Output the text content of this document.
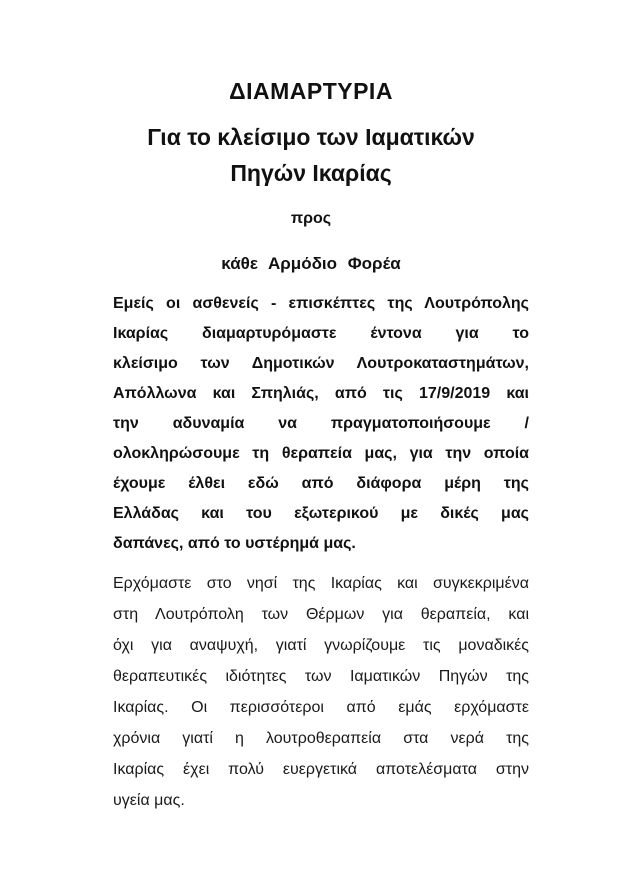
ΔΙΑΜΑΡΤΥΡΙΑ
Για το κλείσιμο των Ιαματικών
Πηγών Ικαρίας
προς
κάθε Αρμόδιο Φορέα
Εμείς οι ασθενείς - επισκέπτες της Λουτρόπολης
Ικαρίας διαμαρτυρόμαστε έντονα για το
κλείσιμο των Δημοτικών Λουτροκαταστημάτων,
Απόλλωνα και Σπηλιάς, από τις 17/9/2019 και
την αδυναμία να πραγματοποιήσουμε /
ολοκληρώσουμε τη θεραπεία μας, για την οποία
έχουμε έλθει εδώ από διάφορα μέρη της
Ελλάδας και του εξωτερικού με δικές μας
δαπάνες, από το υστέρημά μας.
Ερχόμαστε στο νησί της Ικαρίας και συγκεκριμένα
στη Λουτρόπολη των Θέρμων για θεραπεία, και
όχι για αναψυχή, γιατί γνωρίζουμε τις μοναδικές
θεραπευτικές ιδιότητες των Ιαματικών Πηγών της
Ικαρίας. Οι περισσότεροι από εμάς ερχόμαστε
χρόνια γιατί η λουτροθεραπεία στα νερά της
Ικαρίας έχει πολύ ευεργετικά αποτελέσματα στην
υγεία μας.
